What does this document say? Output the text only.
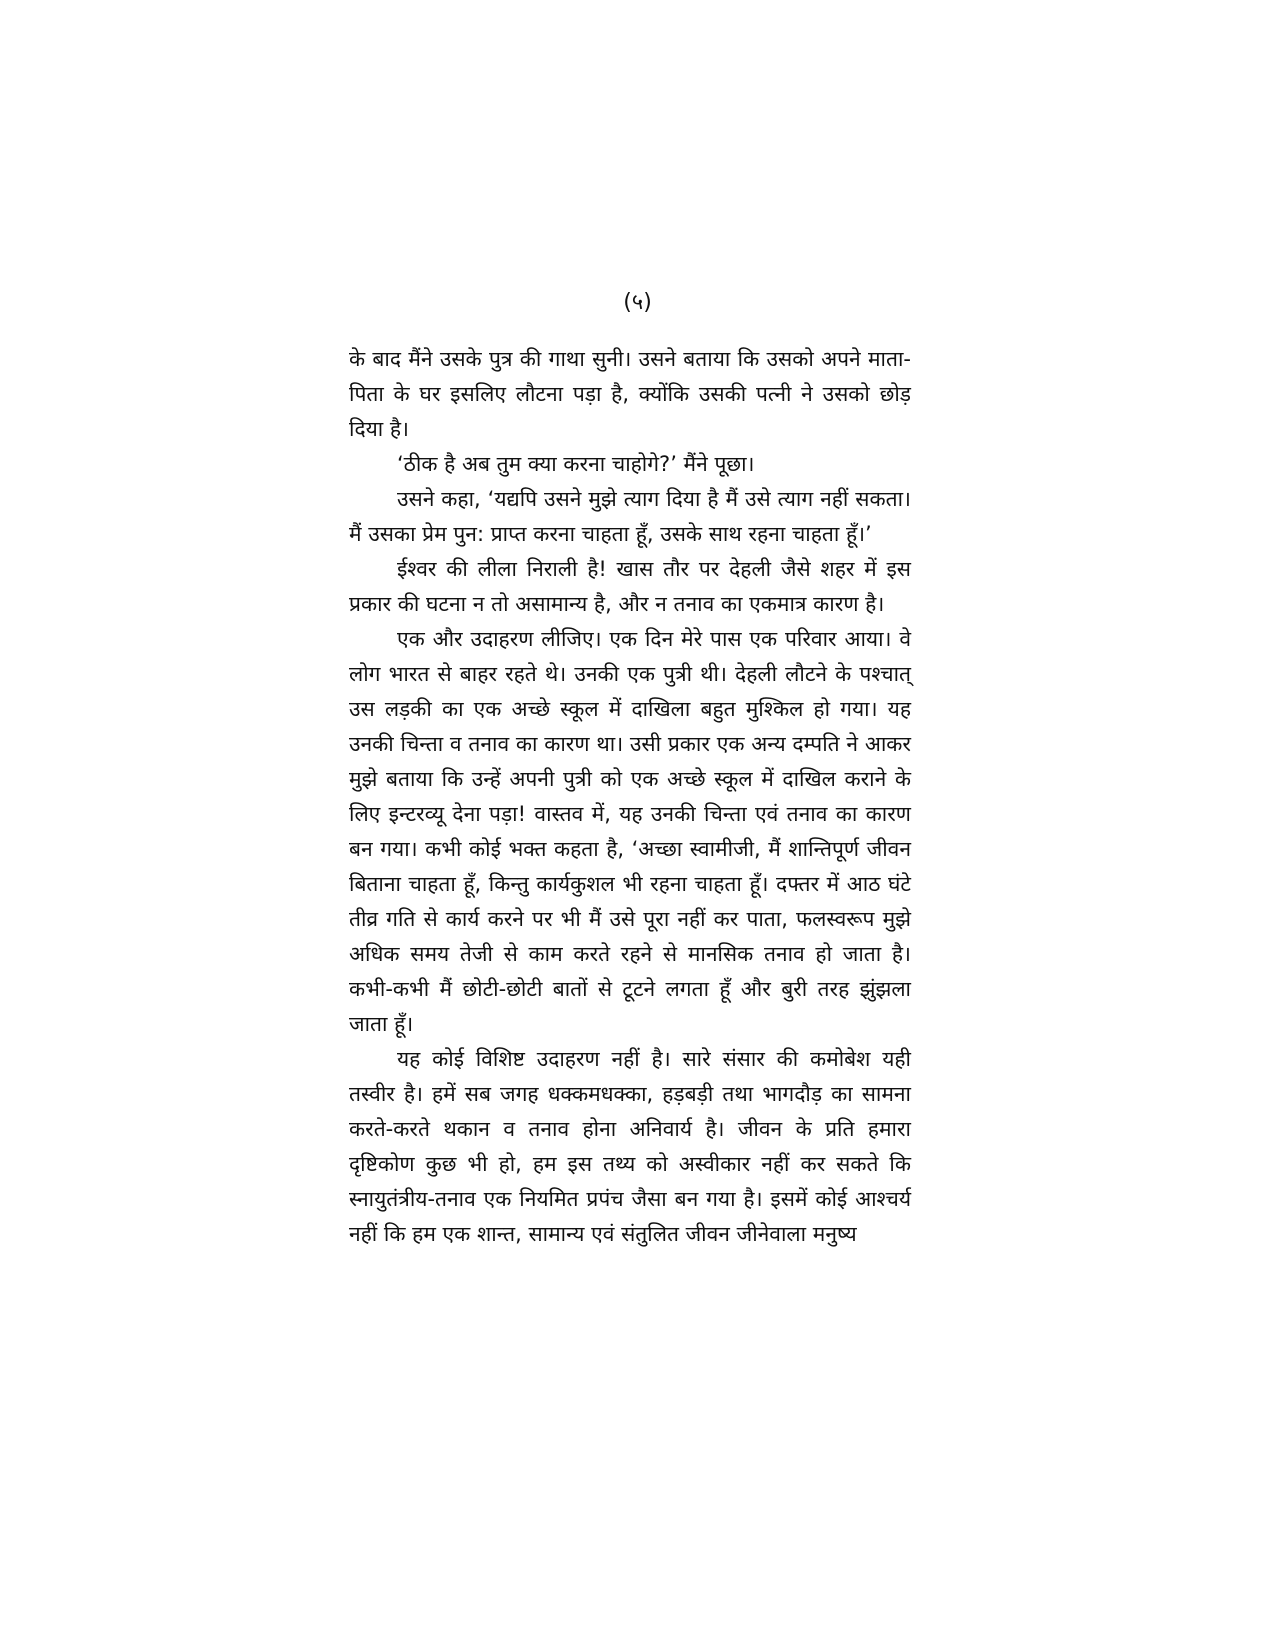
(५)

के बाद मैंने उसके पुत्र की गाथा सुनी। उसने बताया कि उसको अपने माता-पिता के घर इसलिए लौटना पड़ा है, क्योंकि उसकी पत्नी ने उसको छोड़ दिया है।

‘ठीक है अब तुम क्या करना चाहोगे?’ मैंने पूछा।

उसने कहा, ‘यद्यपि उसने मुझे त्याग दिया है मैं उसे त्याग नहीं सकता। मैं उसका प्रेम पुन: प्राप्त करना चाहता हूँ, उसके साथ रहना चाहता हूँ।’

ईश्वर की लीला निराली है! खास तौर पर देहली जैसे शहर में इस प्रकार की घटना न तो असामान्य है, और न तनाव का एकमात्र कारण है।

एक और उदाहरण लीजिए। एक दिन मेरे पास एक परिवार आया। वे लोग भारत से बाहर रहते थे। उनकी एक पुत्री थी। देहली लौटने के पश्चात् उस लड़की का एक अच्छे स्कूल में दाखिला बहुत मुश्किल हो गया। यह उनकी चिन्ता व तनाव का कारण था। उसी प्रकार एक अन्य दम्पति ने आकर मुझे बताया कि उन्हें अपनी पुत्री को एक अच्छे स्कूल में दाखिल कराने के लिए इन्टरव्यू देना पड़ा! वास्तव में, यह उनकी चिन्ता एवं तनाव का कारण बन गया। कभी कोई भक्त कहता है, ‘अच्छा स्वामीजी, मैं शान्तिपूर्ण जीवन बिताना चाहता हूँ, किन्तु कार्यकुशल भी रहना चाहता हूँ। दफ्तर में आठ घंटे तीव्र गति से कार्य करने पर भी मैं उसे पूरा नहीं कर पाता, फलस्वरूप मुझे अधिक समय तेजी से काम करते रहने से मानसिक तनाव हो जाता है। कभी-कभी मैं छोटी-छोटी बातों से टूटने लगता हूँ और बुरी तरह झुंझला जाता हूँ।

यह कोई विशिष्ट उदाहरण नहीं है। सारे संसार की कमोबेश यही तस्वीर है। हमें सब जगह धक्कमधक्का, हड़बड़ी तथा भागदौड़ का सामना करते-करते थकान व तनाव होना अनिवार्य है। जीवन के प्रति हमारा दृष्टिकोण कुछ भी हो, हम इस तथ्य को अस्वीकार नहीं कर सकते कि स्नायुतंत्रीय-तनाव एक नियमित प्रपंच जैसा बन गया है। इसमें कोई आश्चर्य नहीं कि हम एक शान्त, सामान्य एवं संतुलित जीवन जीनेवाला मनुष्य
